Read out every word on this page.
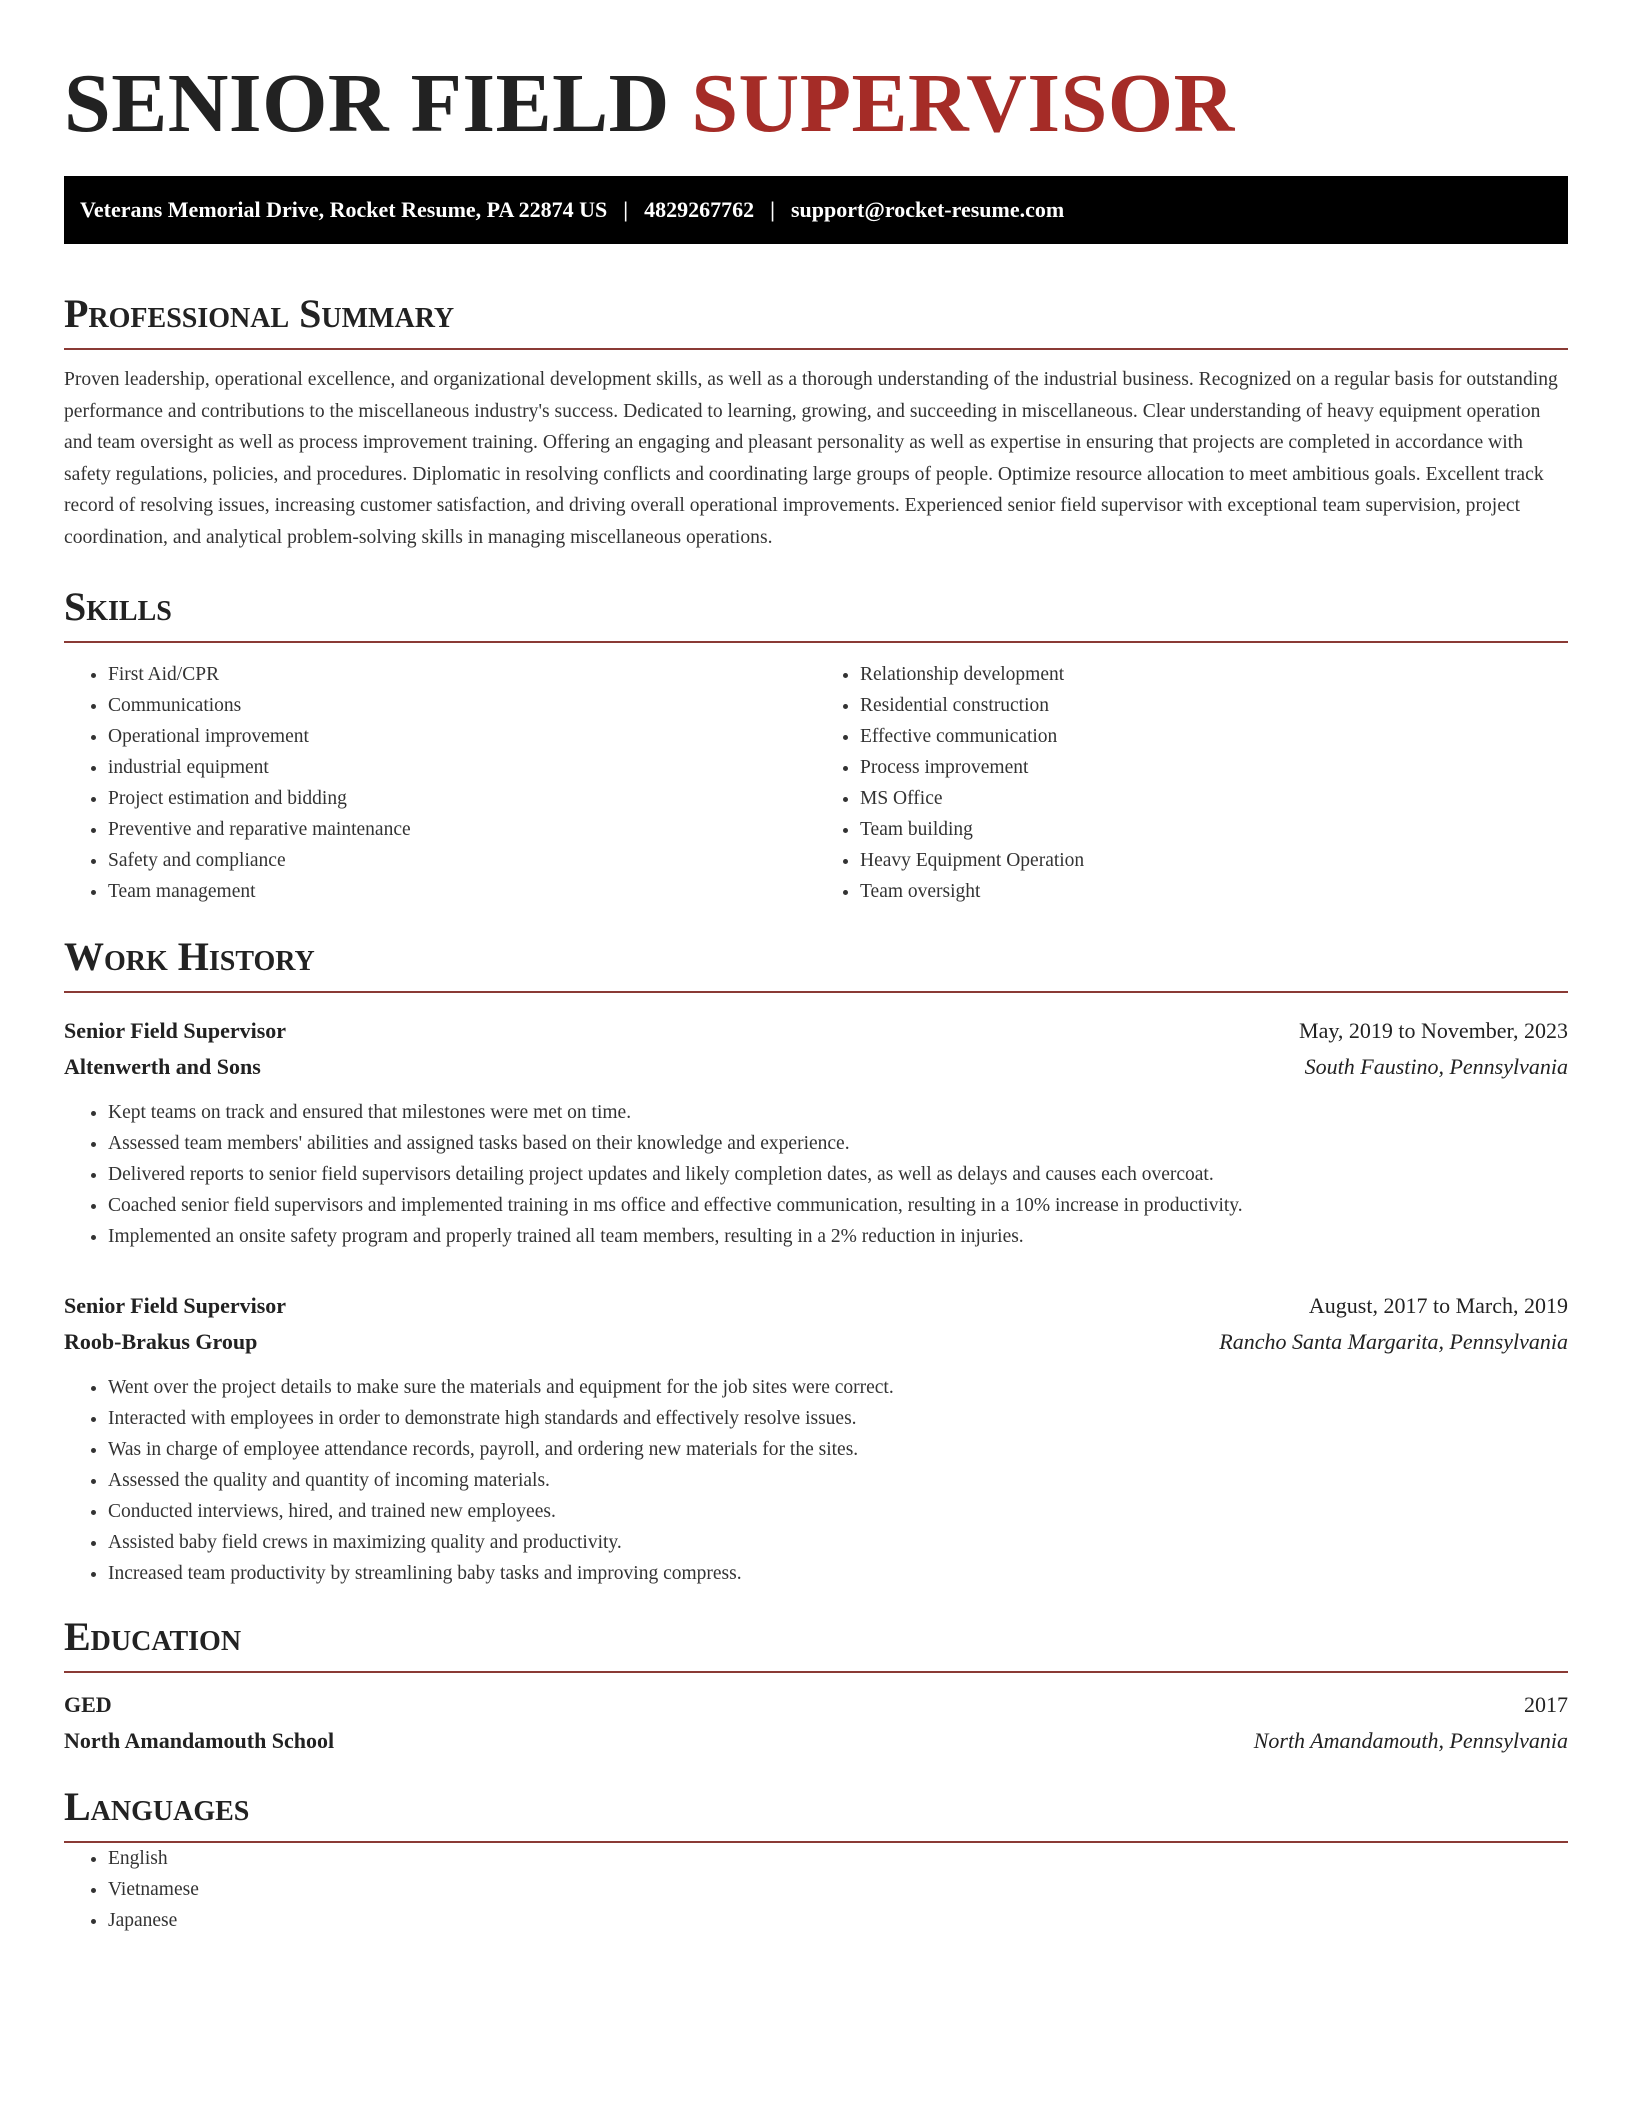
SENIOR FIELD SUPERVISOR
Veterans Memorial Drive, Rocket Resume, PA 22874 US | 4829267762 | support@rocket-resume.com
Professional Summary

Proven leadership, operational excellence, and organizational development skills, as well as a thorough understanding of the industrial business. Recognized on a regular basis for outstanding performance and contributions to the miscellaneous industry's success. Dedicated to learning, growing, and succeeding in miscellaneous. Clear understanding of heavy equipment operation and team oversight as well as process improvement training. Offering an engaging and pleasant personality as well as expertise in ensuring that projects are completed in accordance with safety regulations, policies, and procedures. Diplomatic in resolving conflicts and coordinating large groups of people. Optimize resource allocation to meet ambitious goals. Excellent track record of resolving issues, increasing customer satisfaction, and driving overall operational improvements. Experienced senior field supervisor with exceptional team supervision, project coordination, and analytical problem-solving skills in managing miscellaneous operations.

Skills
• First Aid/CPR
• Communications
• Operational improvement
• industrial equipment
• Project estimation and bidding
• Preventive and reparative maintenance
• Safety and compliance
• Team management
• Relationship development
• Residential construction
• Effective communication
• Process improvement
• MS Office
• Team building
• Heavy Equipment Operation
• Team oversight
Work History
Senior Field Supervisor	May, 2019 to November, 2023
Altenwerth and Sons	South Faustino, Pennsylvania
• Kept teams on track and ensured that milestones were met on time.
• Assessed team members' abilities and assigned tasks based on their knowledge and experience.
• Delivered reports to senior field supervisors detailing project updates and likely completion dates, as well as delays and causes each overcoat.
• Coached senior field supervisors and implemented training in ms office and effective communication, resulting in a 10% increase in productivity.
• Implemented an onsite safety program and properly trained all team members, resulting in a 2% reduction in injuries.
Senior Field Supervisor	August, 2017 to March, 2019
Roob-Brakus Group	Rancho Santa Margarita, Pennsylvania
• Went over the project details to make sure the materials and equipment for the job sites were correct.
• Interacted with employees in order to demonstrate high standards and effectively resolve issues.
• Was in charge of employee attendance records, payroll, and ordering new materials for the sites.
• Assessed the quality and quantity of incoming materials.
• Conducted interviews, hired, and trained new employees.
• Assisted baby field crews in maximizing quality and productivity.
• Increased team productivity by streamlining baby tasks and improving compress.
Education
GED	2017
North Amandamouth School	North Amandamouth, Pennsylvania
Languages
• English
• Vietnamese
• Japanese
